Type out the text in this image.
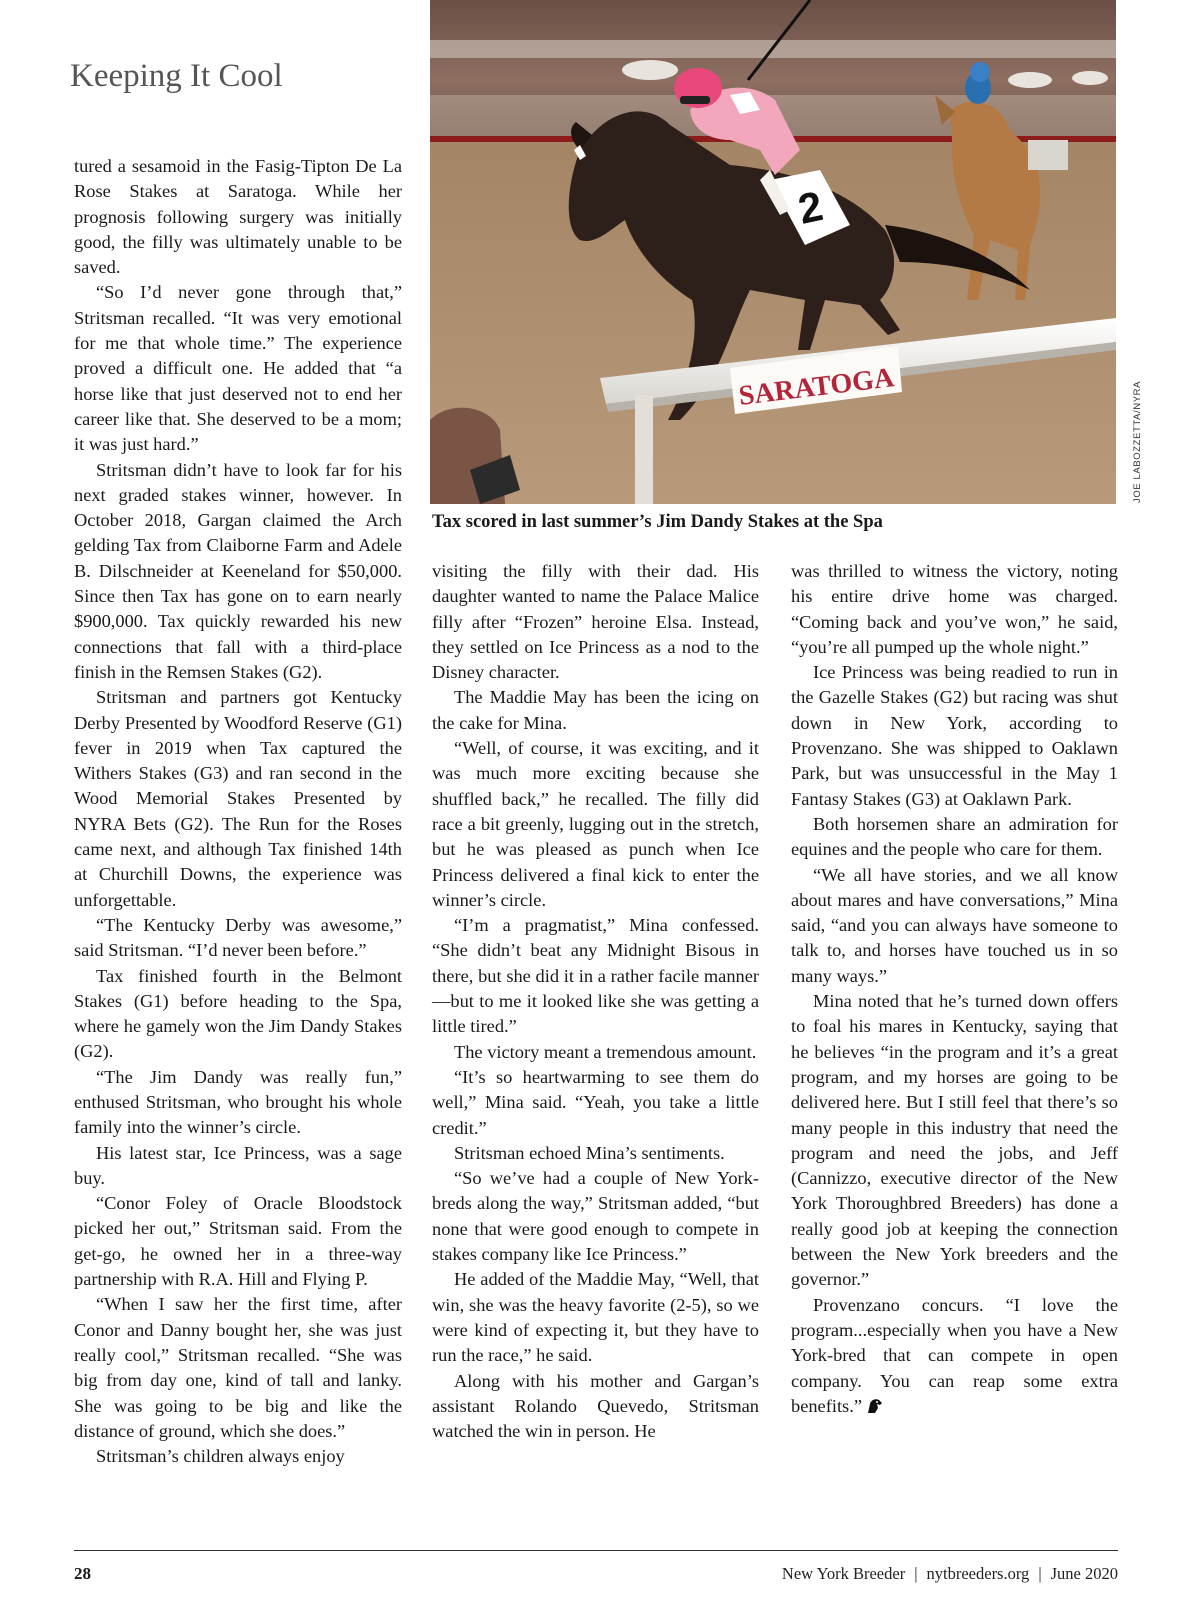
Keeping It Cool
2
SARATOGA	JOE LABOZZETTA/NYRA
Tax scored in last summer’s Jim Dandy Stakes at the Spa

tured a sesamoid in the Fasig-Tipton De La Rose Stakes at Saratoga. While her prognosis following surgery was initially good, the filly was ultimately unable to be saved.

“So I’d never gone through that,” Stritsman recalled. “It was very emotional for me that whole time.” The experience proved a difficult one. He added that “a horse like that just deserved not to end her career like that. She deserved to be a mom; it was just hard.”

Stritsman didn’t have to look far for his next graded stakes winner, however. In October 2018, Gargan claimed the Arch gelding Tax from Claiborne Farm and Adele B. Dilschneider at Keeneland for $50,000. Since then Tax has gone on to earn nearly $900,000. Tax quickly rewarded his new connections that fall with a third-place finish in the Remsen Stakes (G2).

Stritsman and partners got Kentucky Derby Presented by Woodford Reserve (G1) fever in 2019 when Tax captured the Withers Stakes (G3) and ran second in the Wood Memorial Stakes Presented by NYRA Bets (G2). The Run for the Roses came next, and although Tax finished 14th at Churchill Downs, the experience was unforgettable.

“The Kentucky Derby was awesome,” said Stritsman. “I’d never been before.”

Tax finished fourth in the Belmont Stakes (G1) before heading to the Spa, where he gamely won the Jim Dandy Stakes (G2).

“The Jim Dandy was really fun,” enthused Stritsman, who brought his whole family into the winner’s circle.

His latest star, Ice Princess, was a sage buy.

“Conor Foley of Oracle Bloodstock picked her out,” Stritsman said. From the get-go, he owned her in a three-way partnership with R.A. Hill and Flying P.

“When I saw her the first time, after Conor and Danny bought her, she was just really cool,” Stritsman recalled. “She was big from day one, kind of tall and lanky. She was going to be big and like the distance of ground, which she does.”

Stritsman’s children always enjoy

visiting the filly with their dad. His daughter wanted to name the Palace Malice filly after “Frozen” heroine Elsa. Instead, they settled on Ice Princess as a nod to the Disney character.

The Maddie May has been the icing on the cake for Mina.

“Well, of course, it was exciting, and it was much more exciting because she shuffled back,” he recalled. The filly did race a bit greenly, lugging out in the stretch, but he was pleased as punch when Ice Princess delivered a final kick to enter the winner’s circle.

“I’m a pragmatist,” Mina confessed. “She didn’t beat any Midnight Bisous in there, but she did it in a rather facile manner—but to me it looked like she was getting a little tired.”

The victory meant a tremendous amount.

“It’s so heartwarming to see them do well,” Mina said. “Yeah, you take a little credit.”

Stritsman echoed Mina’s sentiments.

“So we’ve had a couple of New York-breds along the way,” Stritsman added, “but none that were good enough to compete in stakes company like Ice Princess.”

He added of the Maddie May, “Well, that win, she was the heavy favorite (2-5), so we were kind of expecting it, but they have to run the race,” he said.

Along with his mother and Gargan’s assistant Rolando Quevedo, Stritsman watched the win in person. He

was thrilled to witness the victory, noting his entire drive home was charged. “Coming back and you’ve won,” he said, “you’re all pumped up the whole night.”

Ice Princess was being readied to run in the Gazelle Stakes (G2) but racing was shut down in New York, according to Provenzano. She was shipped to Oaklawn Park, but was unsuccessful in the May 1 Fantasy Stakes (G3) at Oaklawn Park.

Both horsemen share an admiration for equines and the people who care for them.

“We all have stories, and we all know about mares and have conversations,” Mina said, “and you can always have someone to talk to, and horses have touched us in so many ways.”

Mina noted that he’s turned down offers to foal his mares in Kentucky, saying that he believes “in the program and it’s a great program, and my horses are going to be delivered here. But I still feel that there’s so many people in this industry that need the program and need the jobs, and Jeff (Cannizzo, executive director of the New York Thoroughbred Breeders) has done a really good job at keeping the connection between the New York breeders and the governor.”

Provenzano concurs. “I love the program...especially when you have a New York-bred that can compete in open company. You can reap some extra benefits.”

28	New York Breeder | nytbreeders.org | June 2020
